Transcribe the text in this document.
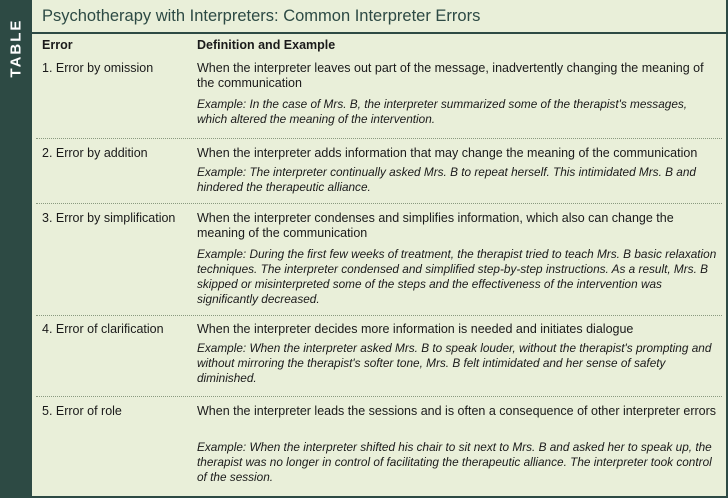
TABLE
Psychotherapy with Interpreters: Common Interpreter Errors
Error	Definition and Example
1. Error by omission	When the interpreter leaves out part of the message, inadvertently changing the meaning of the communication
Example: In the case of Mrs. B, the interpreter summarized some of the therapist's messages, which altered the meaning of the intervention.
2. Error by addition	When the interpreter adds information that may change the meaning of the communication
Example: The interpreter continually asked Mrs. B to repeat herself. This intimidated Mrs. B and hindered the therapeutic alliance.
3. Error by simplification	When the interpreter condenses and simplifies information, which also can change the meaning of the communication
Example: During the first few weeks of treatment, the therapist tried to teach Mrs. B basic relaxation techniques. The interpreter condensed and simplified step-by-step instructions. As a result, Mrs. B skipped or misinterpreted some of the steps and the effectiveness of the intervention was significantly decreased.
4. Error of clarification	When the interpreter decides more information is needed and initiates dialogue
Example: When the interpreter asked Mrs. B to speak louder, without the therapist's prompting and without mirroring the therapist's softer tone, Mrs. B felt intimidated and her sense of safety diminished.
5. Error of role	When the interpreter leads the sessions and is often a consequence of other interpreter errors
Example: When the interpreter shifted his chair to sit next to Mrs. B and asked her to speak up, the therapist was no longer in control of facilitating the therapeutic alliance. The interpreter took control of the session.
